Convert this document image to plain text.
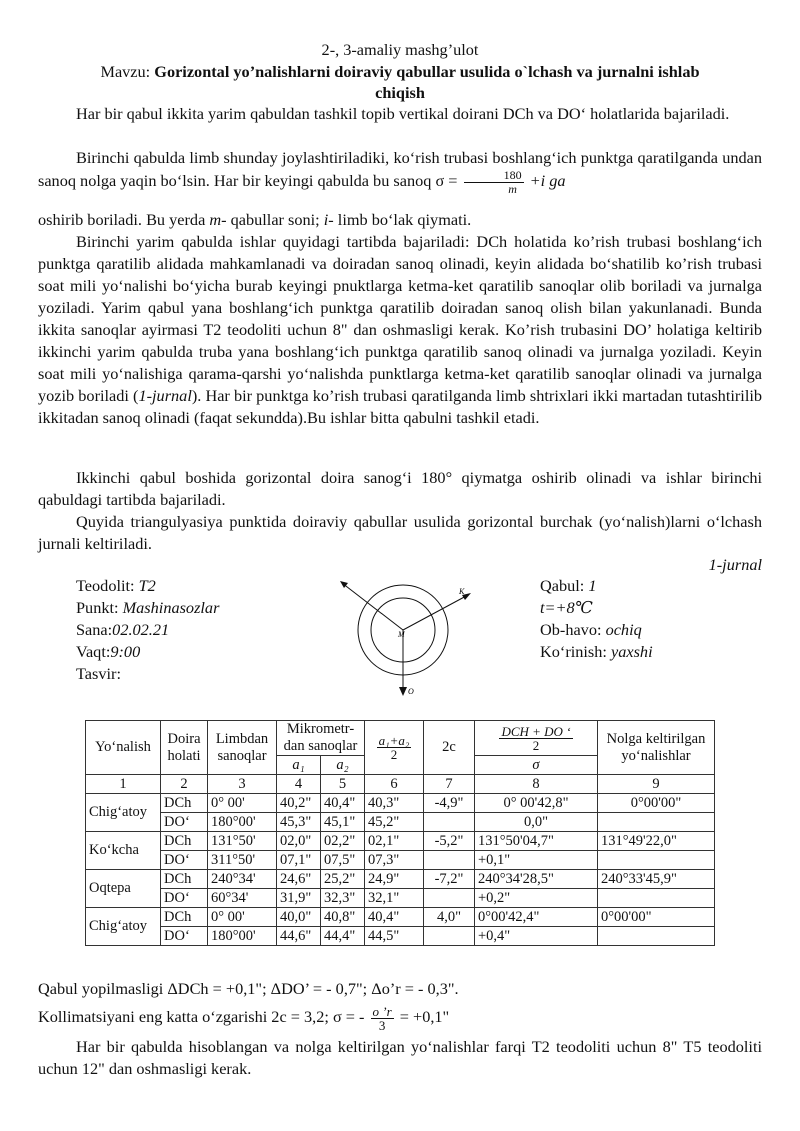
2-, 3-amaliy mashg’ulot
Mavzu: Gorizontal yo’nalishlarni doiraviy qabullar usulida o`lchash va jurnalni ishlab
chiqish

Har bir qabul ikkita yarim qabuldan tashkil topib vertikal doirani DCh va DO‘ holatlarida bajariladi.

Birinchi qabulda limb shunday joylashtiriladiki, ko‘rish trubasi boshlang‘ich punktga qaratilganda undan sanoq nolga yaqin bo‘lsin. Har bir keyingi qabulda bu sanoq $\sigma = \frac{180}{m} +i$ ga

oshirib boriladi. Bu yerda m- qabullar soni; i- limb bo‘lak qiymati.

Birinchi yarim qabulda ishlar quyidagi tartibda bajariladi: DCh holatida ko’rish trubasi boshlang‘ich punktga qaratilib alidada mahkamlanadi va doiradan sanoq olinadi, keyin alidada bo‘shatilib ko’rish trubasi soat mili yo‘nalishi bo‘yicha burab keyingi pnuktlarga ketma-ket qaratilib sanoqlar olib boriladi va jurnalga yoziladi. Yarim qabul yana boshlang‘ich punktga qaratilib doiradan sanoq olish bilan yakunlanadi. Bunda ikkita sanoqlar ayirmasi T2 teodoliti uchun 8" dan oshmasligi kerak. Ko’rish trubasini DO’ holatiga keltirib ikkinchi yarim qabulda truba yana boshlang‘ich punktga qaratilib sanoq olinadi va jurnalga yoziladi. Keyin soat mili yo‘nalishiga qarama-qarshi yo‘nalishda punktlarga ketma-ket qaratilib sanoqlar olinadi va jurnalga yozib boriladi (1-jurnal). Har bir punktga ko’rish trubasi qaratilganda limb shtrixlari ikki martadan tutashtirilib ikkitadan sanoq olinadi (faqat sekundda).Bu ishlar bitta qabulni tashkil etadi.

Ikkinchi qabul boshida gorizontal doira sanog‘i 180° qiymatga oshirib olinadi va ishlar birinchi qabuldagi tartibda bajariladi.

Quyida triangulyasiya punktida doiraviy qabullar usulida gorizontal burchak (yo‘nalish)larni o‘lchash jurnali keltiriladi.

1-jurnal

Teodolit: T2

Punkt: Mashinasozlar

Sana:02.02.21

Vaqt:9:00

Tasvir:

Qabul: 1

t=+8℃

Ob-havo: ochiq

Ko‘rinish: yaxshi

M
K
O
Yo‘nalish	Doira holati	Limbdan sanoqlar	Mikrometr-dan sanoqlar		$\frac{\text{a₁+a₂}}{2}$	2c	$\frac{\text{DCH + DO ‘}}{2}$	Nolga keltirilgan yo‘nalishlar
			a₁	a₂			σ	
1	2	3	4	5	6	7	8	9
Chig‘atoy	DCh	0° 00'	40,2"	40,4"	40,3"	-4,9"	0° 00'42,8"	0°00'00"
	DO‘	180°00'	45,3"	45,1"	45,2"		0,0"	
Ko‘kcha	DCh	131°50'	02,0"	02,2"	02,1"	-5,2"	131°50'04,7"	131°49'22,0"
	DO‘	311°50'	07,1"	07,5"	07,3"		+0,1"	
Oqtepa	DCh	240°34'	24,6"	25,2"	24,9"	-7,2"	240°34'28,5"	240°33'45,9"
	DO‘	60°34'	31,9"	32,3"	32,1"		+0,2"	
Chig‘atoy	DCh	0° 00'	40,0"	40,8"	40,4"	4,0"	0°00'42,4"	0°00'00"
	DO‘	180°00'	44,6"	44,4"	44,5"		+0,4"	

Qabul yopilmasligi ΔDCh = +0,1"; ΔDO’ = - 0,7"; Δo’r = - 0,3".

Kollimatsiyani eng katta o‘zgarishi 2c = 3,2; σ = - $\frac{o ’r}{3} = +0,1$"

Har bir qabulda hisoblangan va nolga keltirilgan yo‘nalishlar farqi T2 teodoliti uchun 8" T5 teodoliti uchun 12" dan oshmasligi kerak.
